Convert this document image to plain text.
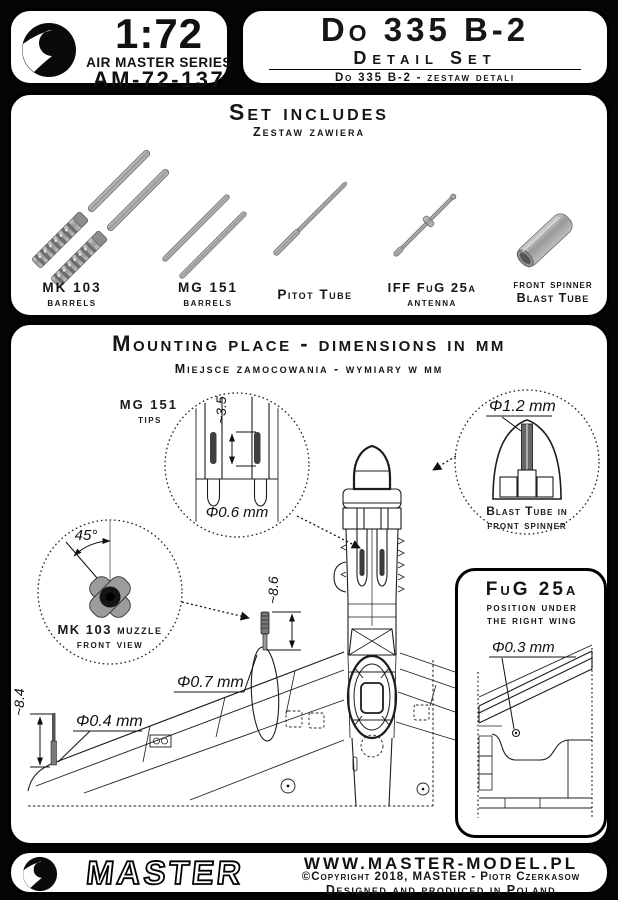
1:72
AIR MASTER SERIES
AM-72-137
Do 335 B-2
Detail Set
Do 335 B-2 - zestaw detali
Set includes
Zestaw zawiera
MK 103
barrels
MG 151
barrels	Pitot Tube	IFF FuG 25a
antenna
front spinner
Blast Tube
Mounting place - dimensions in mm
Miejsce zamocowania - wymiary w mm
~3.5
Φ0.6 mm
MG 151
tips
Φ1.2 mm
Blast Tube in
front spinner
45°
MK 103 muzzle
front view
~8.6
Φ0.7 mm
~8.4
Φ0.4 mm
FuG 25a
position under
the right wing
Φ0.3 mm
MASTER	WWW.MASTER-MODEL.PL
©Copyright 2018, MASTER - Piotr Czerkasow
Designed and produced in Poland
